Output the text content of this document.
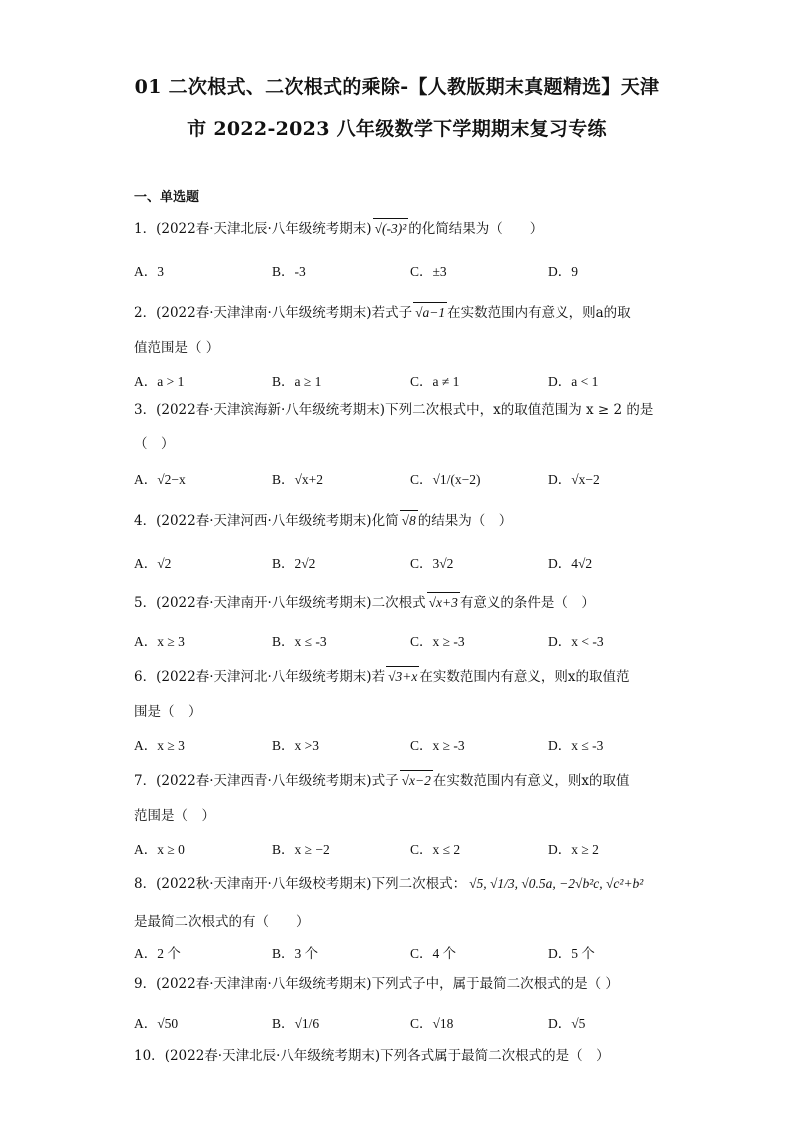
01 二次根式、二次根式的乘除-【人教版期末真题精选】天津
市 2022-2023 八年级数学下学期期末复习专练
一、单选题
1．(2022春·天津北辰·八年级统考期末) √(-3)² 的化简结果为（　　）
A．3	B．-3	C．±3	D．9
2．(2022春·天津津南·八年级统考期末)若式子 √a−1 在实数范围内有意义，则a的取
值范围是（ ）
A．a > 1	B．a ≥ 1	C．a ≠ 1	D．a < 1
3．(2022春·天津滨海新·八年级统考期末)下列二次根式中，x的取值范围为 x ≥ 2 的是
（　）
A．√2−x	B．√x+2	C．√1/(x−2)	D．√x−2
4．(2022春·天津河西·八年级统考期末)化简 √8 的结果为（　）
A．√2	B．2√2	C．3√2	D．4√2
5．(2022春·天津南开·八年级统考期末)二次根式 √x+3 有意义的条件是（　）
A．x ≥ 3	B．x ≤ -3	C．x ≥ -3	D．x < -3
6．(2022春·天津河北·八年级统考期末)若 √3+x 在实数范围内有意义，则x的取值范
围是（　）
A．x ≥ 3	B．x >3	C．x ≥ -3	D．x ≤ -3
7．(2022春·天津西青·八年级统考期末)式子 √x−2 在实数范围内有意义，则x的取值
范围是（　）
A．x ≥ 0	B．x ≥ −2	C．x ≤ 2	D．x ≥ 2
8．(2022秋·天津南开·八年级校考期末)下列二次根式： √5, √1/3, √0.5a, −2√b²c, √c²+b²
是最简二次根式的有（　　）
A．2 个	B．3 个	C．4 个	D．5 个
9．(2022春·天津津南·八年级统考期末)下列式子中，属于最简二次根式的是（ ）
A．√50	B．√1/6	C．√18	D．√5
10．(2022春·天津北辰·八年级统考期末)下列各式属于最简二次根式的是（　）
